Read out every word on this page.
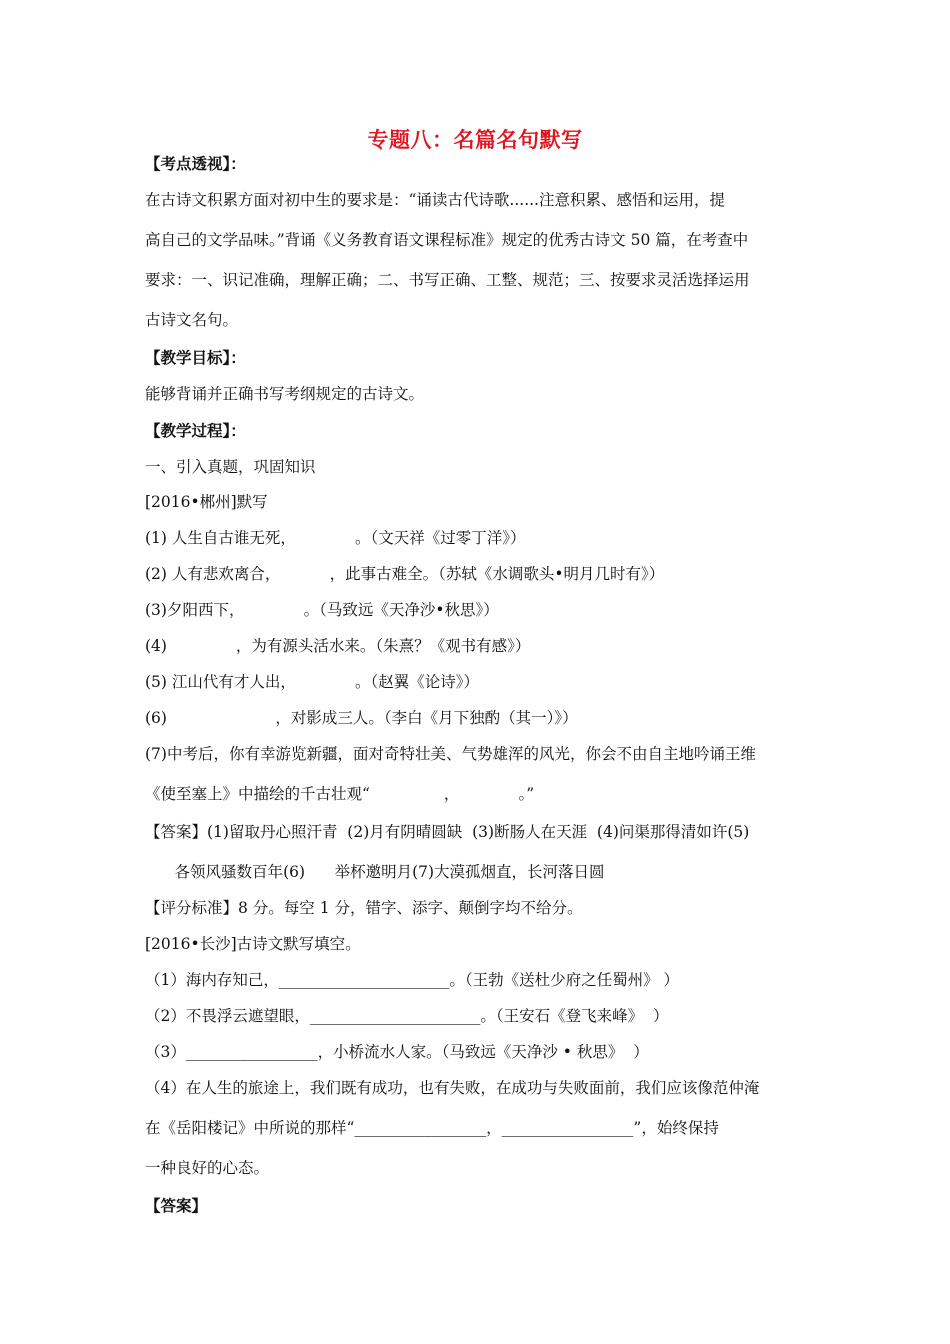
专题八：名篇名句默写
【考点透视】：
在古诗文积累方面对初中生的要求是：“诵读古代诗歌......注意积累、感悟和运用，提
高自己的文学品味。”背诵《义务教育语文课程标准》规定的优秀古诗文 50 篇，在考查中
要求：一、识记准确，理解正确；二、书写正确、工整、规范；三、按要求灵活选择运用
古诗文名句。
【教学目标】：
能够背诵并正确书写考纲规定的古诗文。
【教学过程】：
一、引入真题，巩固知识
[2016•郴州]默写
(1) 人生自古谁无死，            。（文天祥《过零丁洋》）
(2) 人有悲欢离合，          ，此事古难全。（苏轼《水调歌头•明月几时有》）
(3)夕阳西下，            。（马致远《天净沙•秋思》）
(4)              ，为有源头活水来。（朱熹？《观书有感》）
(5) 江山代有才人出，            。（赵翼《论诗》）
(6)                      ，对影成三人。（李白《月下独酌（其一）》）
(7)中考后，你有幸游览新疆，面对奇特壮美、气势雄浑的风光，你会不由自主地吟诵王维
《使至塞上》中描绘的千古壮观“               ，            。”
【答案】(1)留取丹心照汗青  (2)月有阴晴圆缺  (3)断肠人在天涯  (4)问渠那得清如许(5)
各领风骚数百年(6)      举杯邀明月(7)大漠孤烟直，长河落日圆
【评分标准】8 分。每空 1 分，错字、添字、颠倒字均不给分。
[2016•长沙]古诗文默写填空。
（1）海内存知己，______________________。（王勃《送杜少府之任蜀州》 ）
（2）不畏浮云遮望眼，______________________。（王安石《登飞来峰》  ）
（3）_________________，小桥流水人家。（马致远《天净沙 • 秋思》  ）
（4）在人生的旅途上，我们既有成功，也有失败，在成功与失败面前，我们应该像范仲淹
在《岳阳楼记》中所说的那样“_________________，_________________”，始终保持
一种良好的心态。
【答案】
